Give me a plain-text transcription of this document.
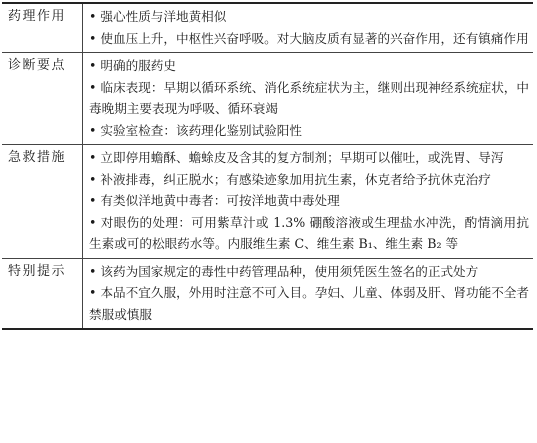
药理作用	• 强心性质与洋地黄相似
• 使血压上升，中枢性兴奋呼吸。对大脑皮质有显著的兴奋作用，还有镇痛作用

诊断要点	• 明确的服药史
• 临床表现：早期以循环系统、消化系统症状为主，继则出现神经系统症状，中毒晚期主要表现为呼吸、循环衰竭
• 实验室检查：该药理化鉴别试验阳性

急救措施	• 立即停用蟾酥、蟾蜍皮及含其的复方制剂；早期可以催吐，或洗胃、导泻
• 补液排毒，纠正脱水；有感染迹象加用抗生素，休克者给予抗休克治疗
• 有类似洋地黄中毒者：可按洋地黄中毒处理
• 对眼伤的处理：可用紫草汁或 1.3% 硼酸溶液或生理盐水冲洗，酌情滴用抗生素或可的松眼药水等。内服维生素 C、维生素 B₁、维生素 B₂ 等

特别提示	• 该药为国家规定的毒性中药管理品种，使用须凭医生签名的正式处方
• 本品不宜久服，外用时注意不可入目。孕妇、儿童、体弱及肝、肾功能不全者禁服或慎服
